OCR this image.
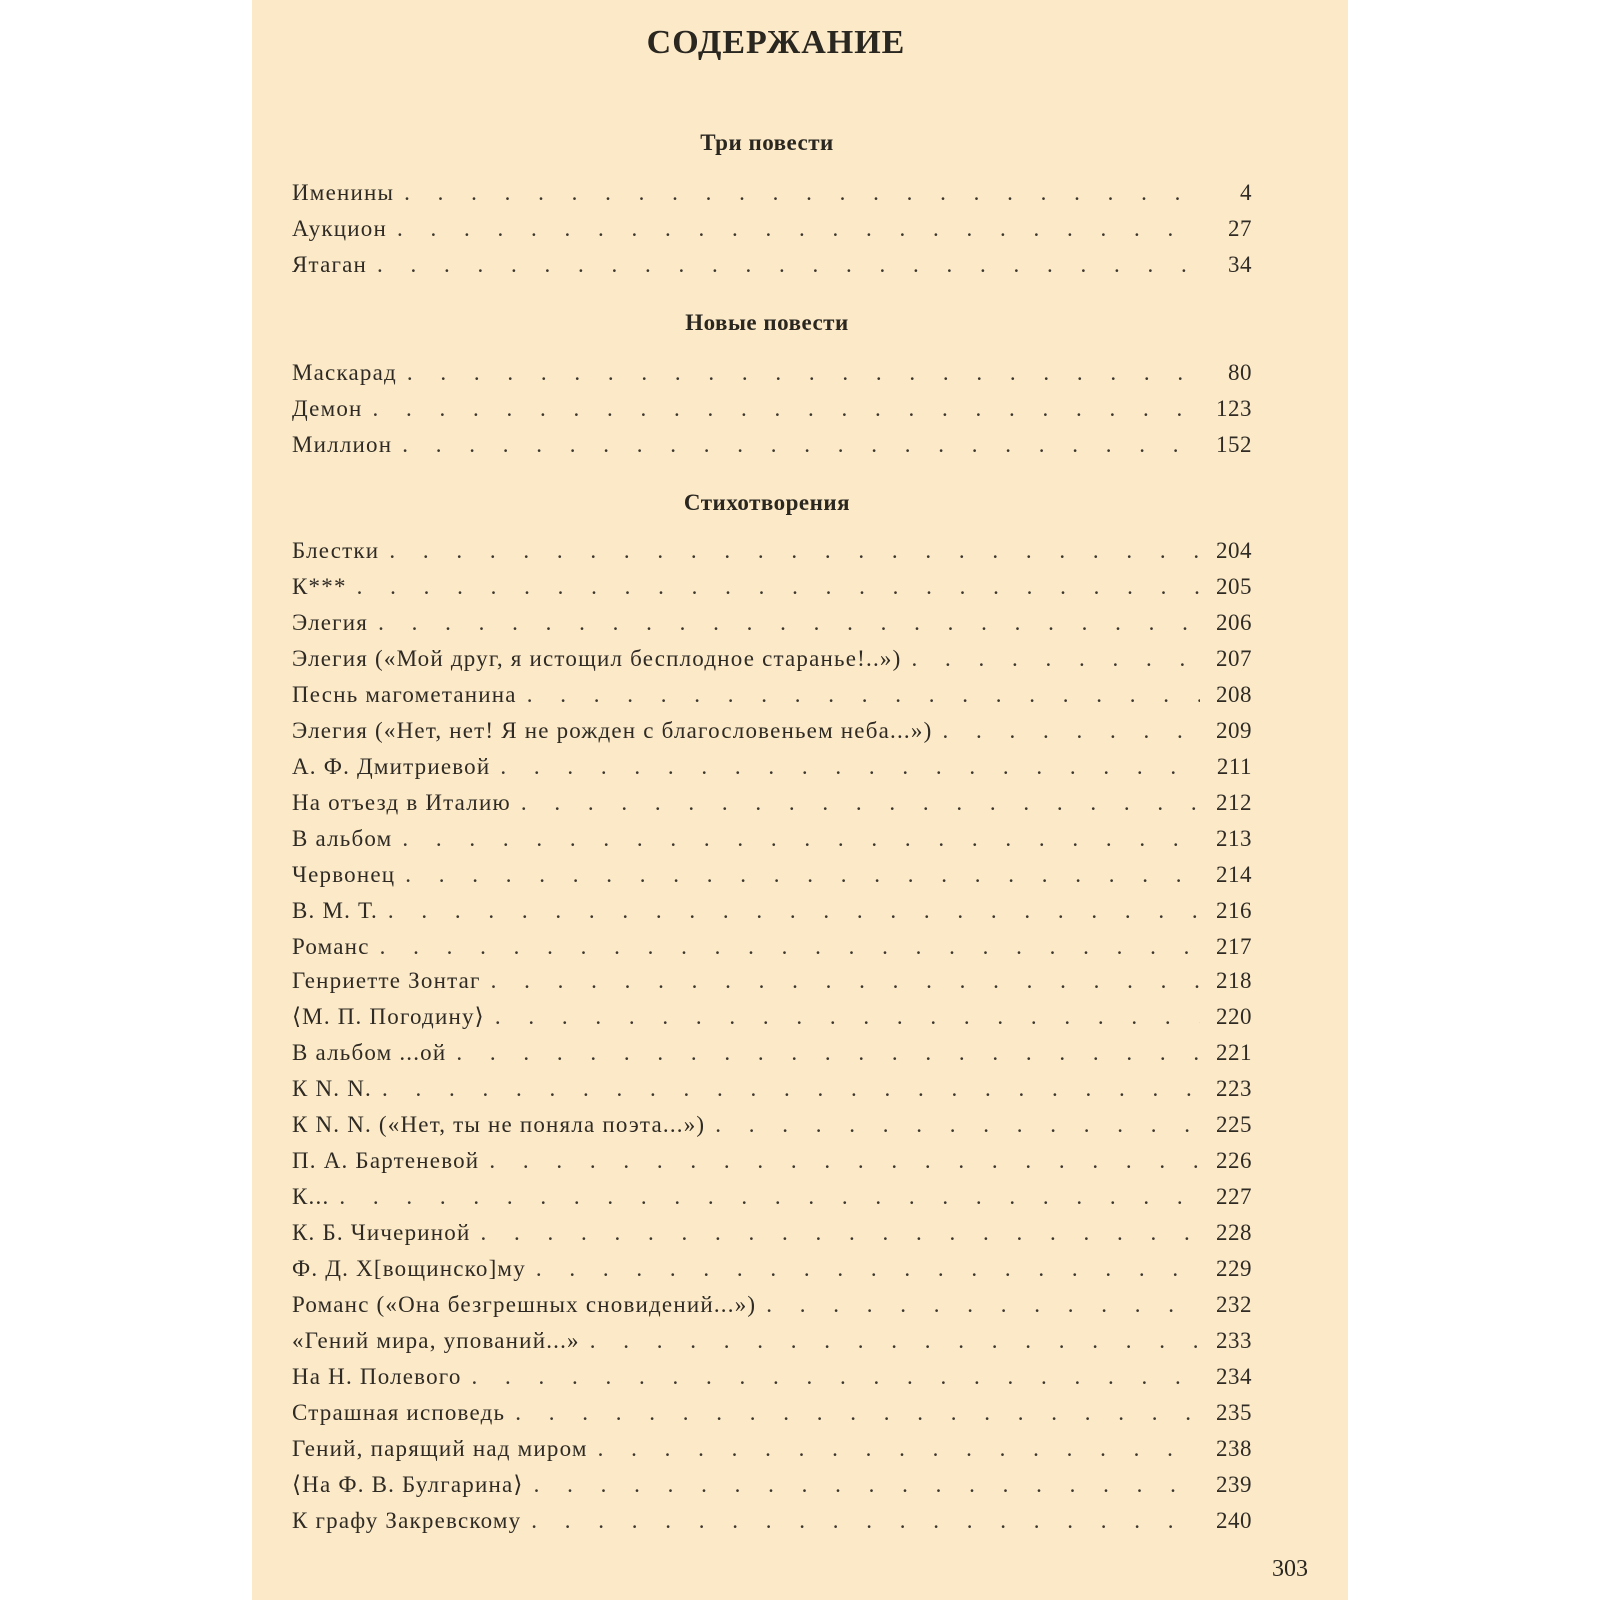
СОДЕРЖАНИЕ
Три повести
Именины . . .	4
Аукцион . . .	27
Ятаган . . .	34
Новые повести
Маскарад . . .	80
Демон . . .	123
Миллион . . .	152
Стихотворения
Блестки . . .	204
К*** . . .	205
Элегия . . .	206
Элегия («Мой друг, я истощил бесплодное старанье!..») . . .	207
Песнь магометанина . . .	208
Элегия («Нет, нет! Я не рожден с благословеньем неба...») . . .	209
А. Ф. Дмитриевой . . .	211
На отъезд в Италию . . .	212
В альбом . . .	213
Червонец . . .	214
В. М. Т. . . .	216
Романс . . .	217
Генриетте Зонтаг . . .	218
⟨М. П. Погодину⟩ . . .	220
В альбом ...ой . . .	221
К N. N. . . .	223
К N. N. («Нет, ты не поняла поэта...») . . .	225
П. А. Бартеневой . . .	226
К... . . .	227
К. Б. Чичериной . . .	228
Ф. Д. Х[вощинско]му . . .	229
Романс («Она безгрешных сновидений...») . . .	232
«Гений мира, упований...» . . .	233
На Н. Полевого . . .	234
Страшная исповедь . . .	235
Гений, парящий над миром . . .	238
⟨На Ф. В. Булгарина⟩ . . .	239
К графу Закревскому . . .	240
303
